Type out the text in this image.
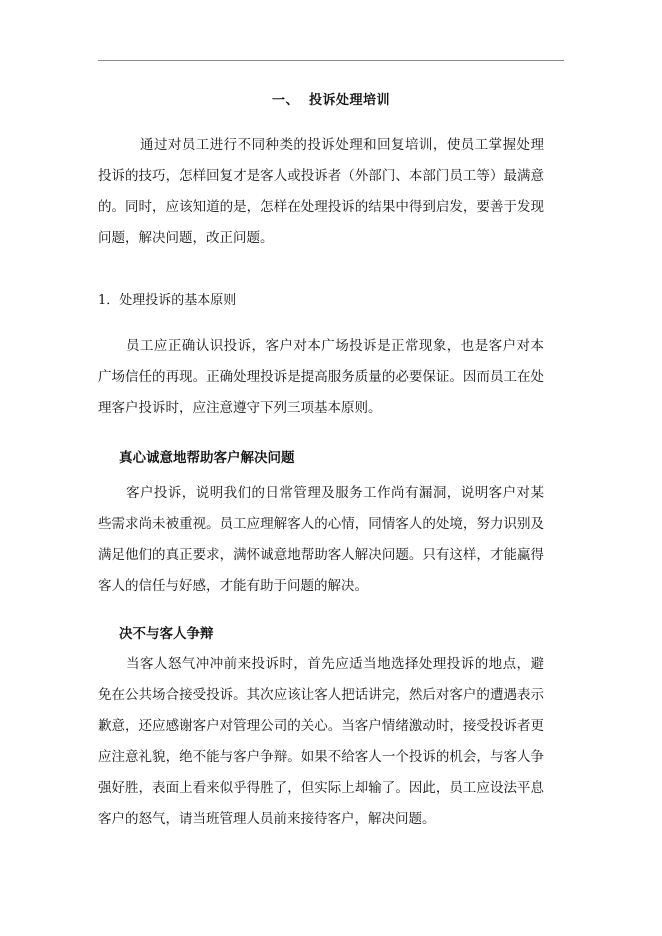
一、 投诉处理培训

通过对员工进行不同种类的投诉处理和回复培训，使员工掌握处理投诉的技巧，怎样回复才是客人或投诉者（外部门、本部门员工等）最满意的。同时，应该知道的是，怎样在处理投诉的结果中得到启发，要善于发现问题，解决问题，改正问题。

1．处理投诉的基本原则

员工应正确认识投诉，客户对本广场投诉是正常现象，也是客户对本广场信任的再现。正确处理投诉是提高服务质量的必要保证。因而员工在处理客户投诉时，应注意遵守下列三项基本原则。

真心诚意地帮助客户解决问题

客户投诉，说明我们的日常管理及服务工作尚有漏洞，说明客户对某些需求尚未被重视。员工应理解客人的心情，同情客人的处境，努力识别及满足他们的真正要求，满怀诚意地帮助客人解决问题。只有这样，才能赢得客人的信任与好感，才能有助于问题的解决。

决不与客人争辩

当客人怒气冲冲前来投诉时，首先应适当地选择处理投诉的地点，避免在公共场合接受投诉。其次应该让客人把话讲完，然后对客户的遭遇表示歉意，还应感谢客户对管理公司的关心。当客户情绪激动时，接受投诉者更应注意礼貌，绝不能与客户争辩。如果不给客人一个投诉的机会，与客人争强好胜，表面上看来似乎得胜了，但实际上却输了。因此，员工应设法平息客户的怒气，请当班管理人员前来接待客户，解决问题。
